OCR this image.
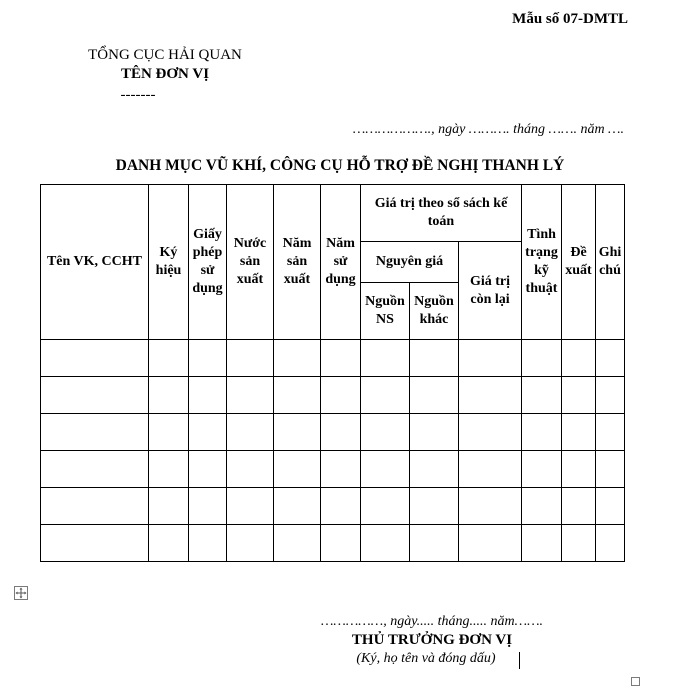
Mẫu số 07-DMTL
TỔNG CỤC HẢI QUAN
TÊN ĐƠN VỊ
-------
………………., ngày ………. tháng ……. năm ….
DANH MỤC VŨ KHÍ, CÔNG CỤ HỖ TRỢ ĐỀ NGHỊ THANH LÝ
Tên VK, CCHT	Ký hiệu	Giấy phép sử dụng	Nước sản xuất	Năm sản xuất	Năm sử dụng	Giá trị theo sổ sách kế toán			Tình trạng kỹ thuật	Đề xuất	Ghi chú
						Nguyên giá		Giá trị còn lại			
						Nguồn NS	Nguồn khác				

……………, ngày..... tháng..... năm…….
THỦ TRƯỞNG ĐƠN VỊ
(Ký, họ tên và đóng dấu)
